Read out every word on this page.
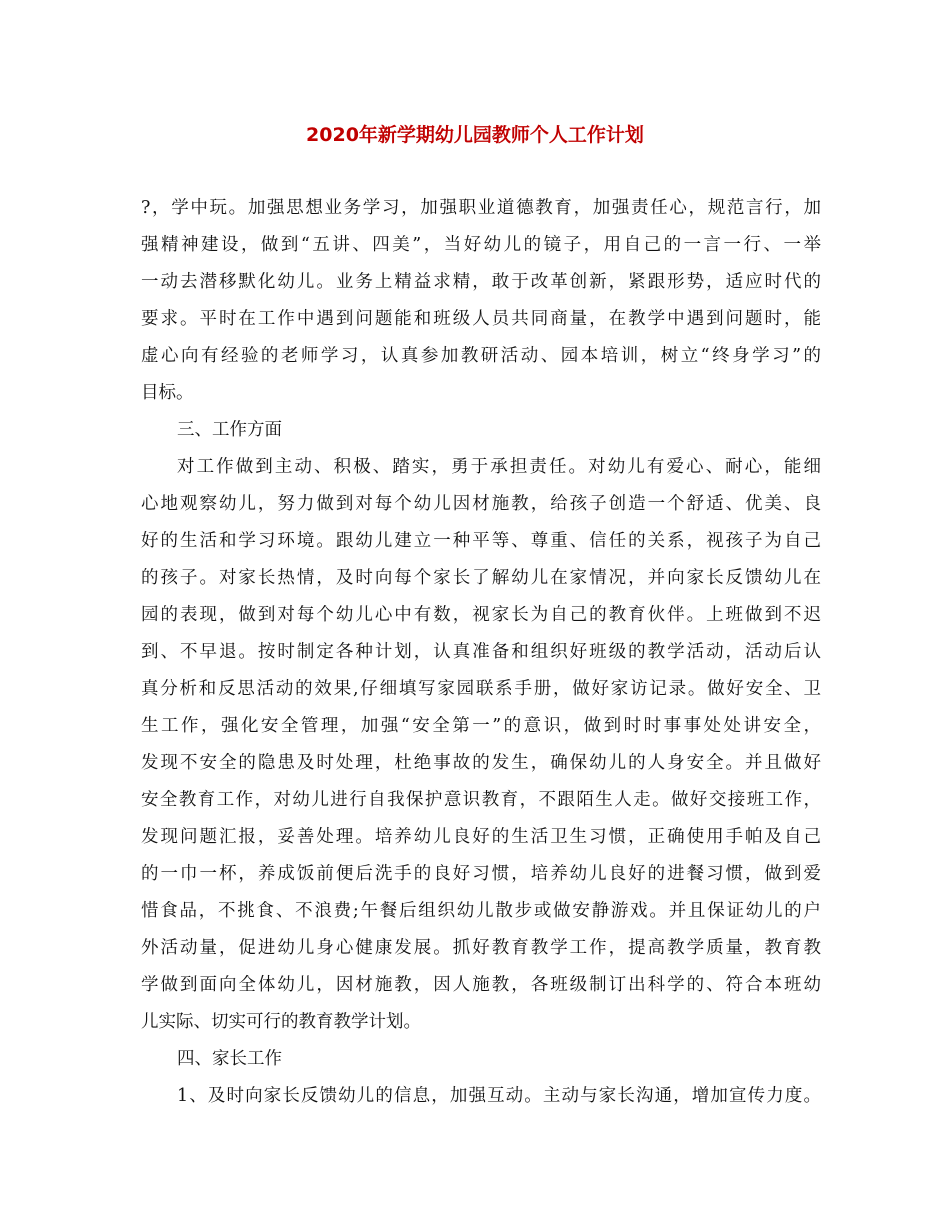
2020年新学期幼儿园教师个人工作计划
?，学中玩。加强思想业务学习，加强职业道德教育，加强责任心，规范言行，加
强精神建设，做到“五讲、四美”，当好幼儿的镜子，用自己的一言一行、一举
一动去潜移默化幼儿。业务上精益求精，敢于改革创新，紧跟形势，适应时代的
要求。平时在工作中遇到问题能和班级人员共同商量，在教学中遇到问题时，能
虚心向有经验的老师学习，认真参加教研活动、园本培训，树立“终身学习”的
目标。
三、工作方面
对工作做到主动、积极、踏实，勇于承担责任。对幼儿有爱心、耐心，能细
心地观察幼儿，努力做到对每个幼儿因材施教，给孩子创造一个舒适、优美、良
好的生活和学习环境。跟幼儿建立一种平等、尊重、信任的关系，视孩子为自己
的孩子。对家长热情，及时向每个家长了解幼儿在家情况，并向家长反馈幼儿在
园的表现，做到对每个幼儿心中有数，视家长为自己的教育伙伴。上班做到不迟
到、不早退。按时制定各种计划，认真准备和组织好班级的教学活动，活动后认
真分析和反思活动的效果,仔细填写家园联系手册，做好家访记录。做好安全、卫
生工作，强化安全管理，加强“安全第一”的意识，做到时时事事处处讲安全，
发现不安全的隐患及时处理，杜绝事故的发生，确保幼儿的人身安全。并且做好
安全教育工作，对幼儿进行自我保护意识教育，不跟陌生人走。做好交接班工作，
发现问题汇报，妥善处理。培养幼儿良好的生活卫生习惯，正确使用手帕及自己
的一巾一杯，养成饭前便后洗手的良好习惯，培养幼儿良好的进餐习惯，做到爱
惜食品，不挑食、不浪费;午餐后组织幼儿散步或做安静游戏。并且保证幼儿的户
外活动量，促进幼儿身心健康发展。抓好教育教学工作，提高教学质量，教育教
学做到面向全体幼儿，因材施教，因人施教，各班级制订出科学的、符合本班幼
儿实际、切实可行的教育教学计划。
四、家长工作
1、及时向家长反馈幼儿的信息，加强互动。主动与家长沟通，增加宣传力度。
